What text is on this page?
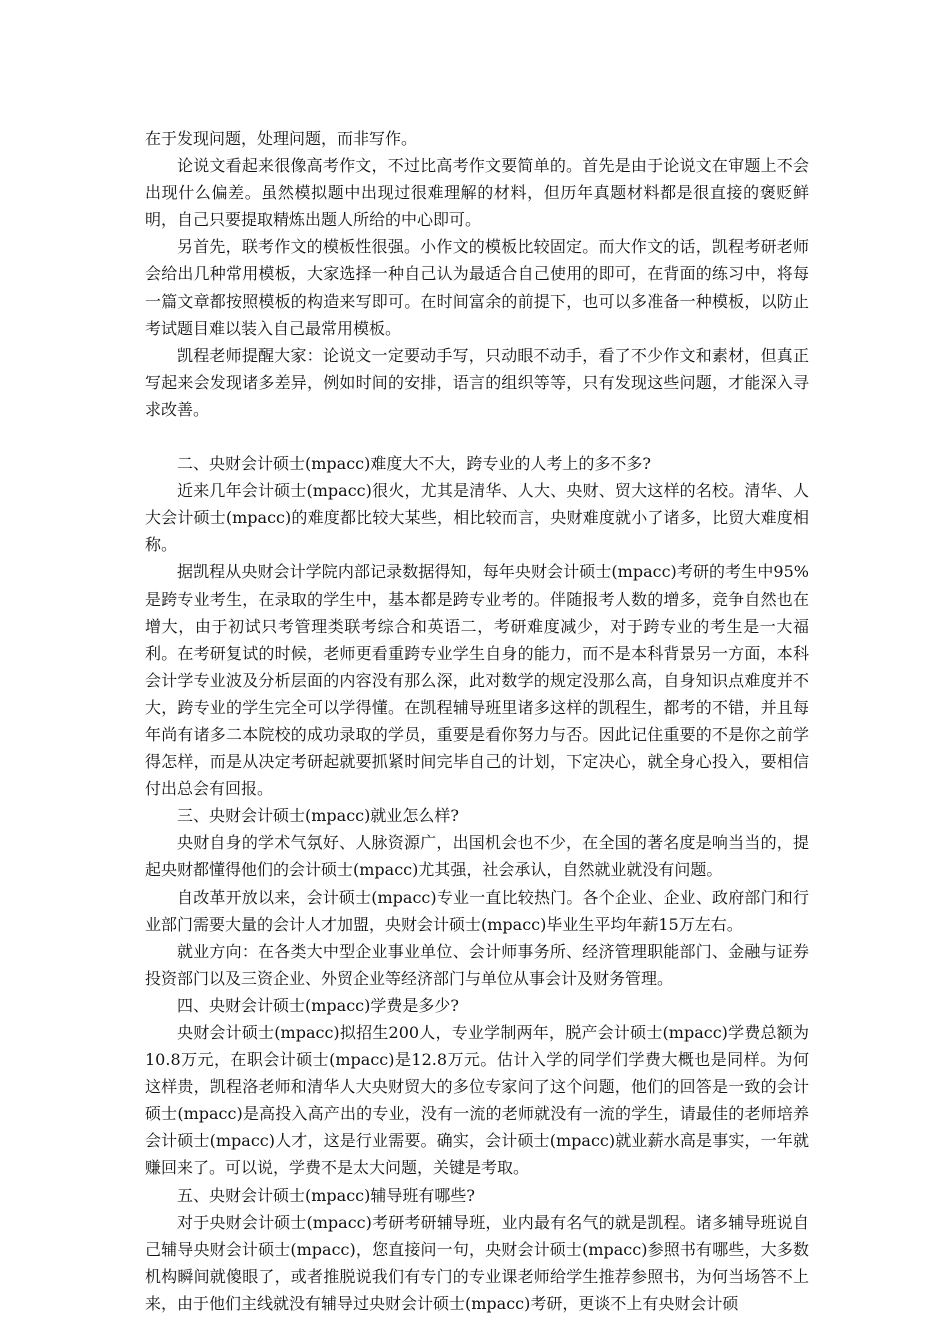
在于发现问题，处理问题，而非写作。

论说文看起来很像高考作文，不过比高考作文要简单的。首先是由于论说文在审题上不会出现什么偏差。虽然模拟题中出现过很难理解的材料，但历年真题材料都是很直接的褒贬鲜明，自己只要提取精炼出题人所给的中心即可。

另首先，联考作文的模板性很强。小作文的模板比较固定。而大作文的话，凯程考研老师会给出几种常用模板，大家选择一种自己认为最适合自己使用的即可，在背面的练习中，将每一篇文章都按照模板的构造来写即可。在时间富余的前提下，也可以多准备一种模板，以防止考试题目难以装入自己最常用模板。

凯程老师提醒大家：论说文一定要动手写，只动眼不动手，看了不少作文和素材，但真正写起来会发现诸多差异，例如时间的安排，语言的组织等等，只有发现这些问题，才能深入寻求改善。

二、央财会计硕士(mpacc)难度大不大，跨专业的人考上的多不多?

近来几年会计硕士(mpacc)很火，尤其是清华、人大、央财、贸大这样的名校。清华、人大会计硕士(mpacc)的难度都比较大某些，相比较而言，央财难度就小了诸多，比贸大难度相称。

据凯程从央财会计学院内部记录数据得知，每年央财会计硕士(mpacc)考研的考生中95%是跨专业考生，在录取的学生中，基本都是跨专业考的。伴随报考人数的增多，竞争自然也在增大，由于初试只考管理类联考综合和英语二，考研难度减少，对于跨专业的考生是一大福利。在考研复试的时候，老师更看重跨专业学生自身的能力，而不是本科背景另一方面，本科会计学专业波及分析层面的内容没有那么深，此对数学的规定没那么高，自身知识点难度并不大，跨专业的学生完全可以学得懂。在凯程辅导班里诸多这样的凯程生，都考的不错，并且每年尚有诸多二本院校的成功录取的学员，重要是看你努力与否。因此记住重要的不是你之前学得怎样，而是从决定考研起就要抓紧时间完毕自己的计划，下定决心，就全身心投入，要相信付出总会有回报。

三、央财会计硕士(mpacc)就业怎么样?

央财自身的学术气氛好、人脉资源广，出国机会也不少，在全国的著名度是响当当的，提起央财都懂得他们的会计硕士(mpacc)尤其强，社会承认，自然就业就没有问题。

自改革开放以来，会计硕士(mpacc)专业一直比较热门。各个企业、企业、政府部门和行业部门需要大量的会计人才加盟，央财会计硕士(mpacc)毕业生平均年薪15万左右。

就业方向：在各类大中型企业事业单位、会计师事务所、经济管理职能部门、金融与证券投资部门以及三资企业、外贸企业等经济部门与单位从事会计及财务管理。

四、央财会计硕士(mpacc)学费是多少?

央财会计硕士(mpacc)拟招生200人，专业学制两年，脱产会计硕士(mpacc)学费总额为10.8万元，在职会计硕士(mpacc)是12.8万元。估计入学的同学们学费大概也是同样。为何这样贵，凯程洛老师和清华人大央财贸大的多位专家问了这个问题，他们的回答是一致的会计硕士(mpacc)是高投入高产出的专业，没有一流的老师就没有一流的学生，请最佳的老师培养会计硕士(mpacc)人才，这是行业需要。确实，会计硕士(mpacc)就业薪水高是事实，一年就赚回来了。可以说，学费不是太大问题，关键是考取。

五、央财会计硕士(mpacc)辅导班有哪些?

对于央财会计硕士(mpacc)考研考研辅导班，业内最有名气的就是凯程。诸多辅导班说自己辅导央财会计硕士(mpacc)，您直接问一句，央财会计硕士(mpacc)参照书有哪些，大多数机构瞬间就傻眼了，或者推脱说我们有专门的专业课老师给学生推荐参照书，为何当场答不上来，由于他们主线就没有辅导过央财会计硕士(mpacc)考研，更谈不上有央财会计硕
